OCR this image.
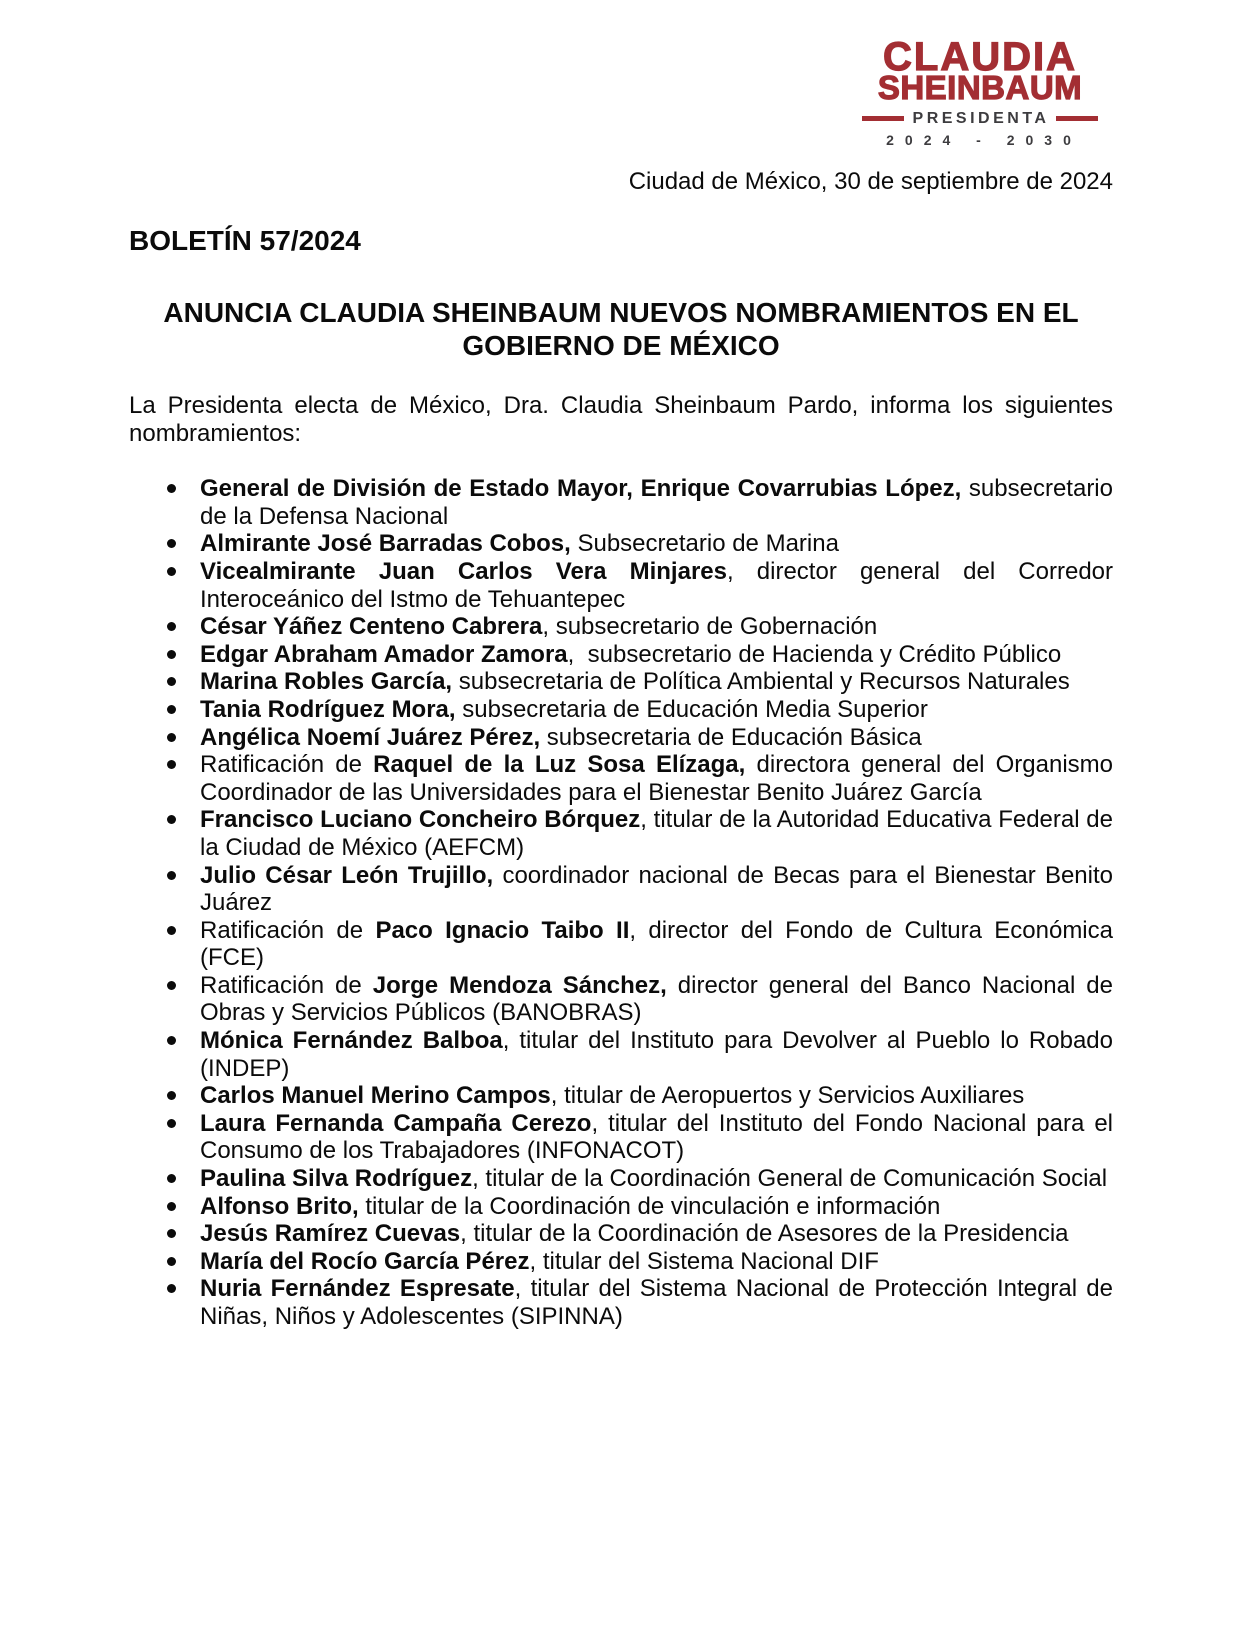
CLAUDIA
SHEINBAUM
PRESIDENTA
2024 - 2030

Ciudad de México, 30 de septiembre de 2024

BOLETÍN 57/2024
ANUNCIA CLAUDIA SHEINBAUM NUEVOS NOMBRAMIENTOS EN EL
GOBIERNO DE MÉXICO

La Presidenta electa de México, Dra. Claudia Sheinbaum Pardo, informa los siguientes nombramientos:

General de División de Estado Mayor, Enrique Covarrubias López, subsecretario de la Defensa Nacional
Almirante José Barradas Cobos, Subsecretario de Marina
Vicealmirante Juan Carlos Vera Minjares, director general del Corredor Interoceánico del Istmo de Tehuantepec
César Yáñez Centeno Cabrera, subsecretario de Gobernación
Edgar Abraham Amador Zamora,  subsecretario de Hacienda y Crédito Público
Marina Robles García, subsecretaria de Política Ambiental y Recursos Naturales
Tania Rodríguez Mora, subsecretaria de Educación Media Superior
Angélica Noemí Juárez Pérez, subsecretaria de Educación Básica
Ratificación de Raquel de la Luz Sosa Elízaga, directora general del Organismo Coordinador de las Universidades para el Bienestar Benito Juárez García
Francisco Luciano Concheiro Bórquez, titular de la Autoridad Educativa Federal de la Ciudad de México (AEFCM)
Julio César León Trujillo, coordinador nacional de Becas para el Bienestar Benito Juárez
Ratificación de Paco Ignacio Taibo II, director del Fondo de Cultura Económica (FCE)
Ratificación de Jorge Mendoza Sánchez, director general del Banco Nacional de Obras y Servicios Públicos (BANOBRAS)
Mónica Fernández Balboa, titular del Instituto para Devolver al Pueblo lo Robado (INDEP)
Carlos Manuel Merino Campos, titular de Aeropuertos y Servicios Auxiliares
Laura Fernanda Campaña Cerezo, titular del Instituto del Fondo Nacional para el Consumo de los Trabajadores (INFONACOT)
Paulina Silva Rodríguez, titular de la Coordinación General de Comunicación Social
Alfonso Brito, titular de la Coordinación de vinculación e información
Jesús Ramírez Cuevas, titular de la Coordinación de Asesores de la Presidencia
María del Rocío García Pérez, titular del Sistema Nacional DIF
Nuria Fernández Espresate, titular del Sistema Nacional de Protección Integral de Niñas, Niños y Adolescentes (SIPINNA)
